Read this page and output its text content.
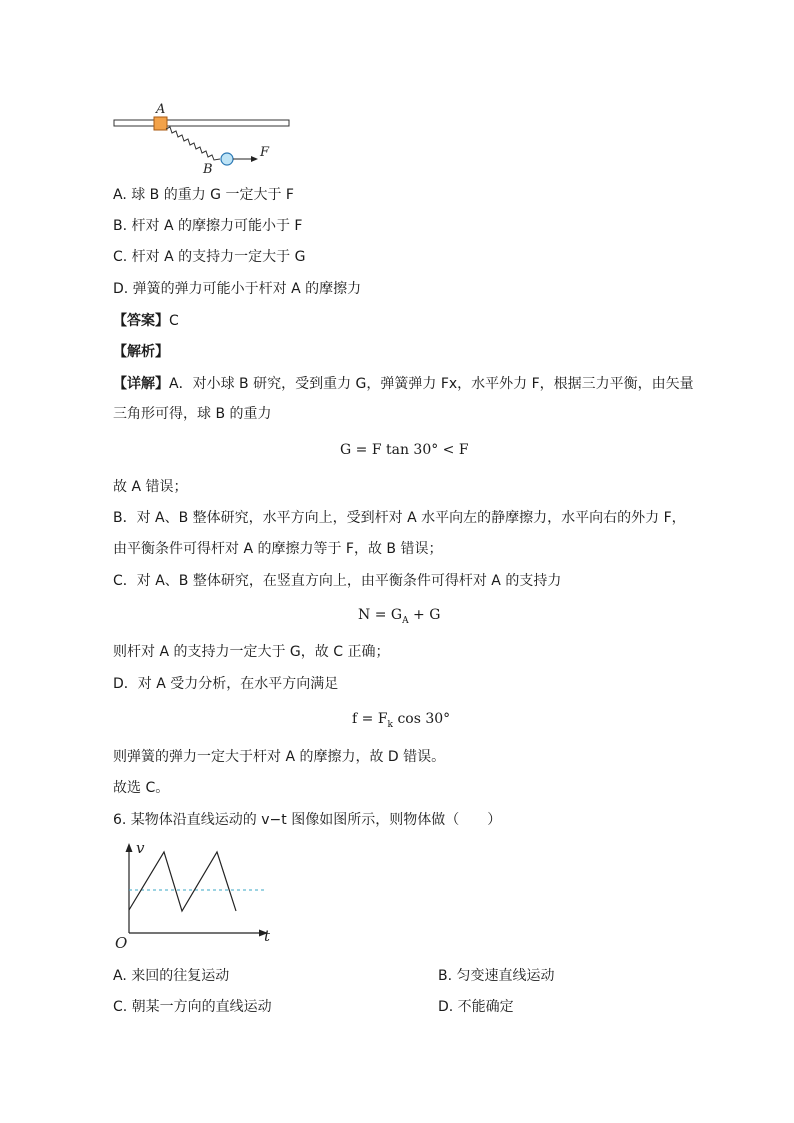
A
B
F
A. 球 B 的重力 G 一定大于 F
B. 杆对 A 的摩擦力可能小于 F
C. 杆对 A 的支持力一定大于 G
D. 弹簧的弹力可能小于杆对 A 的摩擦力
【答案】C
【解析】
【详解】A．对小球 B 研究，受到重力 G，弹簧弹力 Fx，水平外力 F，根据三力平衡，由矢量
三角形可得，球 B 的重力
G = F tan 30° < F
故 A 错误；
B．对 A、B 整体研究，水平方向上，受到杆对 A 水平向左的静摩擦力，水平向右的外力 F，
由平衡条件可得杆对 A 的摩擦力等于 F，故 B 错误；
C．对 A、B 整体研究，在竖直方向上，由平衡条件可得杆对 A 的支持力
$N = G_A + G$
则杆对 A 的支持力一定大于 G，故 C 正确；
D．对 A 受力分析，在水平方向满足
$f = F_k$ cos 30°
则弹簧的弹力一定大于杆对 A 的摩擦力，故 D 错误。
故选 C。
6. 某物体沿直线运动的 v−t 图像如图所示，则物体做（　　）
v
t
O
A. 来回的往复运动	B. 匀变速直线运动
C. 朝某一方向的直线运动	D. 不能确定
